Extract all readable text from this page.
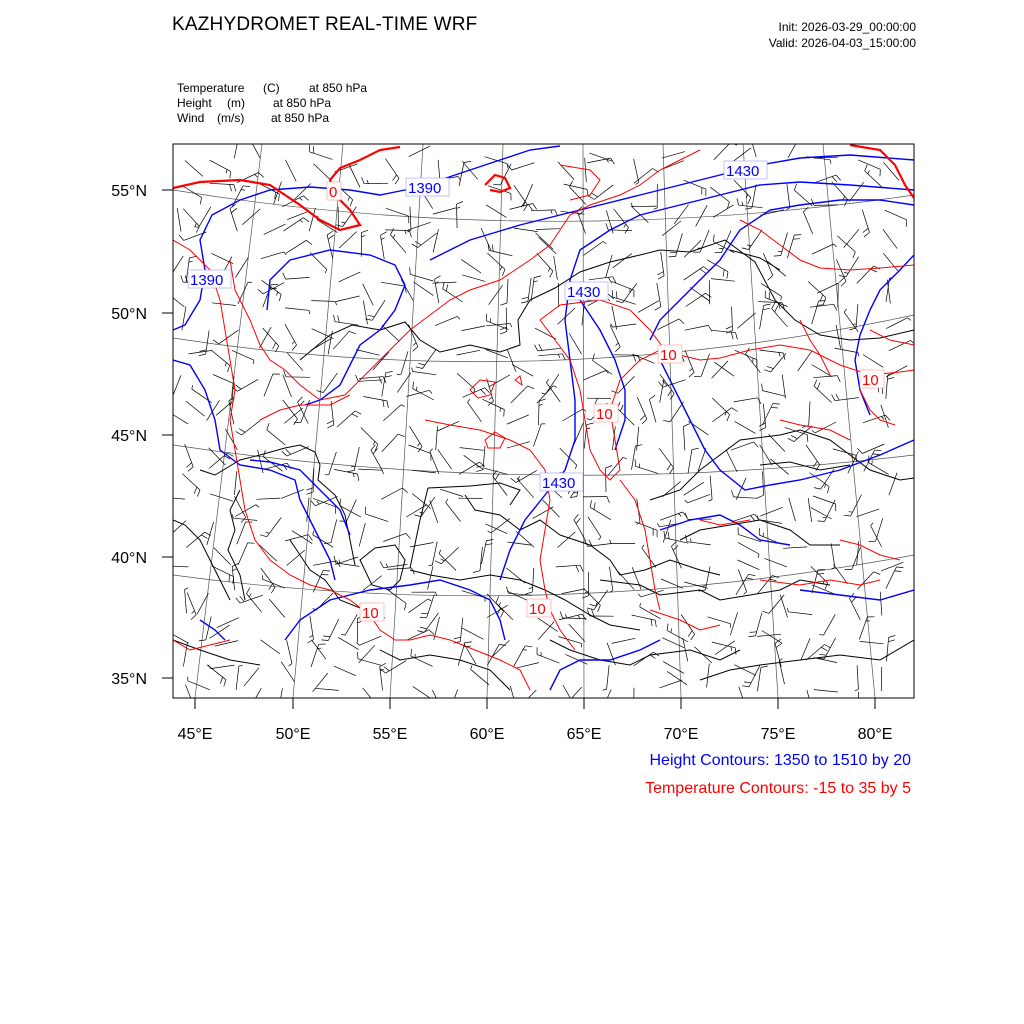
KAZHYDROMET REAL-TIME WRF	Init: 2026-03-29_00:00:00
Valid: 2026-04-03_15:00:00
Temperature (C) at 850 hPa
Height (m) at 850 hPa
Wind (m/s) at 850 hPa
55°N
50°N
45°N
40°N
35°N
45°E	50°E	55°E	60°E	65°E	70°E	75°E	80°E
1390
1390
1430
1430
1430
0
10
10
10
10	10
Height Contours: 1350 to 1510 by 20
Temperature Contours: -15 to 35 by 5
